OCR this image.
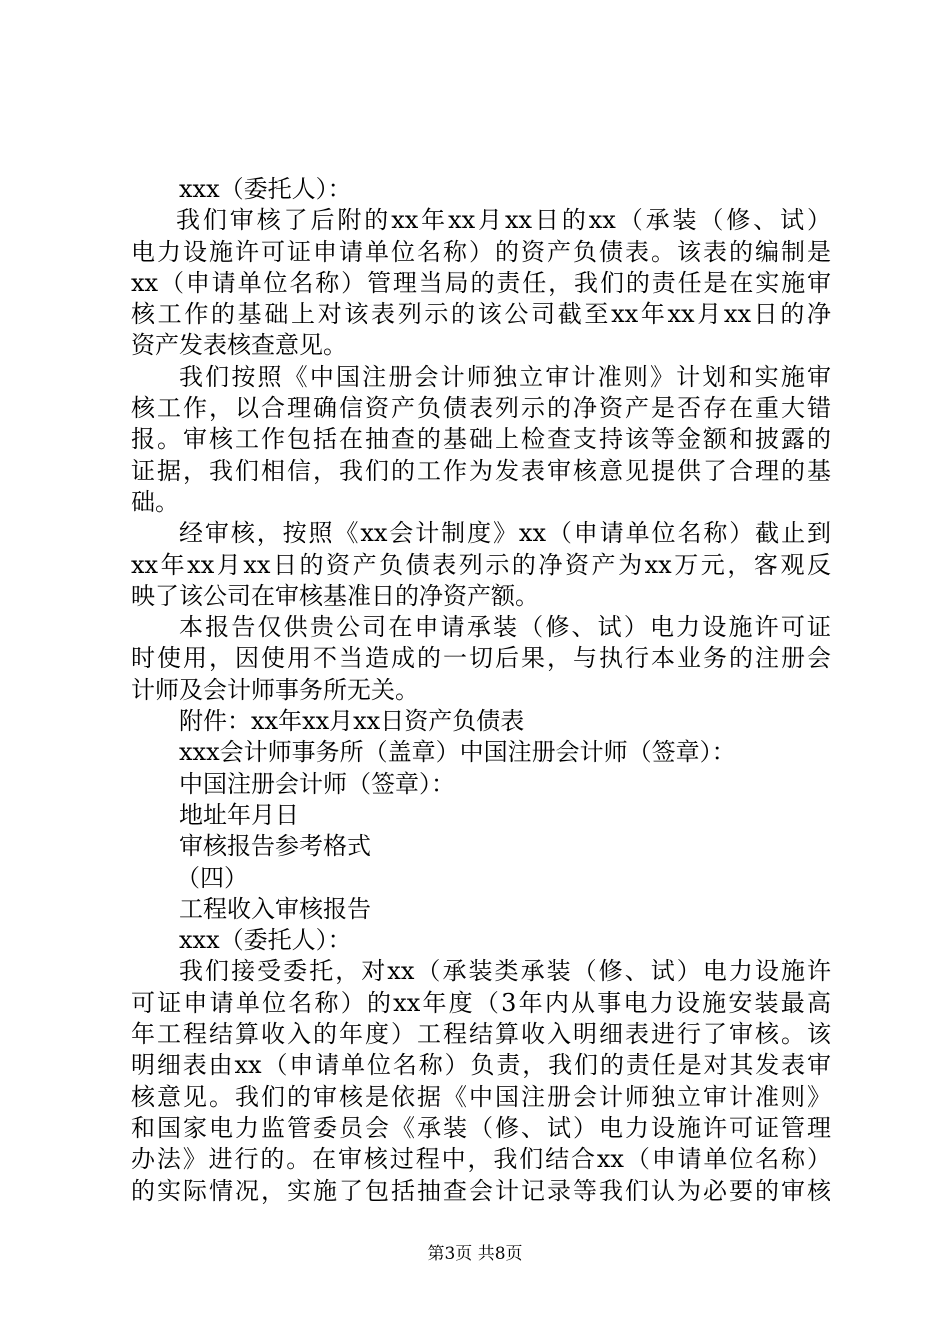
xxx（委托人）：
我们审核了后附的xx年xx月xx日的xx（承装（修、试）
电力设施许可证申请单位名称）的资产负债表。该表的编制是
xx（申请单位名称）管理当局的责任，我们的责任是在实施审
核工作的基础上对该表列示的该公司截至xx年xx月xx日的净
资产发表核查意见。
我们按照《中国注册会计师独立审计准则》计划和实施审
核工作，以合理确信资产负债表列示的净资产是否存在重大错
报。审核工作包括在抽查的基础上检查支持该等金额和披露的
证据，我们相信，我们的工作为发表审核意见提供了合理的基
础。
经审核，按照《xx会计制度》xx（申请单位名称）截止到
xx年xx月xx日的资产负债表列示的净资产为xx万元，客观反
映了该公司在审核基准日的净资产额。
本报告仅供贵公司在申请承装（修、试）电力设施许可证
时使用，因使用不当造成的一切后果，与执行本业务的注册会
计师及会计师事务所无关。
附件：xx年xx月xx日资产负债表
xxx会计师事务所（盖章）中国注册会计师（签章）：
中国注册会计师（签章）：
地址年月日
审核报告参考格式
（四）
工程收入审核报告
xxx（委托人）：
我们接受委托，对xx（承装类承装（修、试）电力设施许
可证申请单位名称）的xx年度（3年内从事电力设施安装最高
年工程结算收入的年度）工程结算收入明细表进行了审核。该
明细表由xx（申请单位名称）负责，我们的责任是对其发表审
核意见。我们的审核是依据《中国注册会计师独立审计准则》
和国家电力监管委员会《承装（修、试）电力设施许可证管理
办法》进行的。在审核过程中，我们结合xx（申请单位名称）
的实际情况，实施了包括抽查会计记录等我们认为必要的审核
第3页 共8页
